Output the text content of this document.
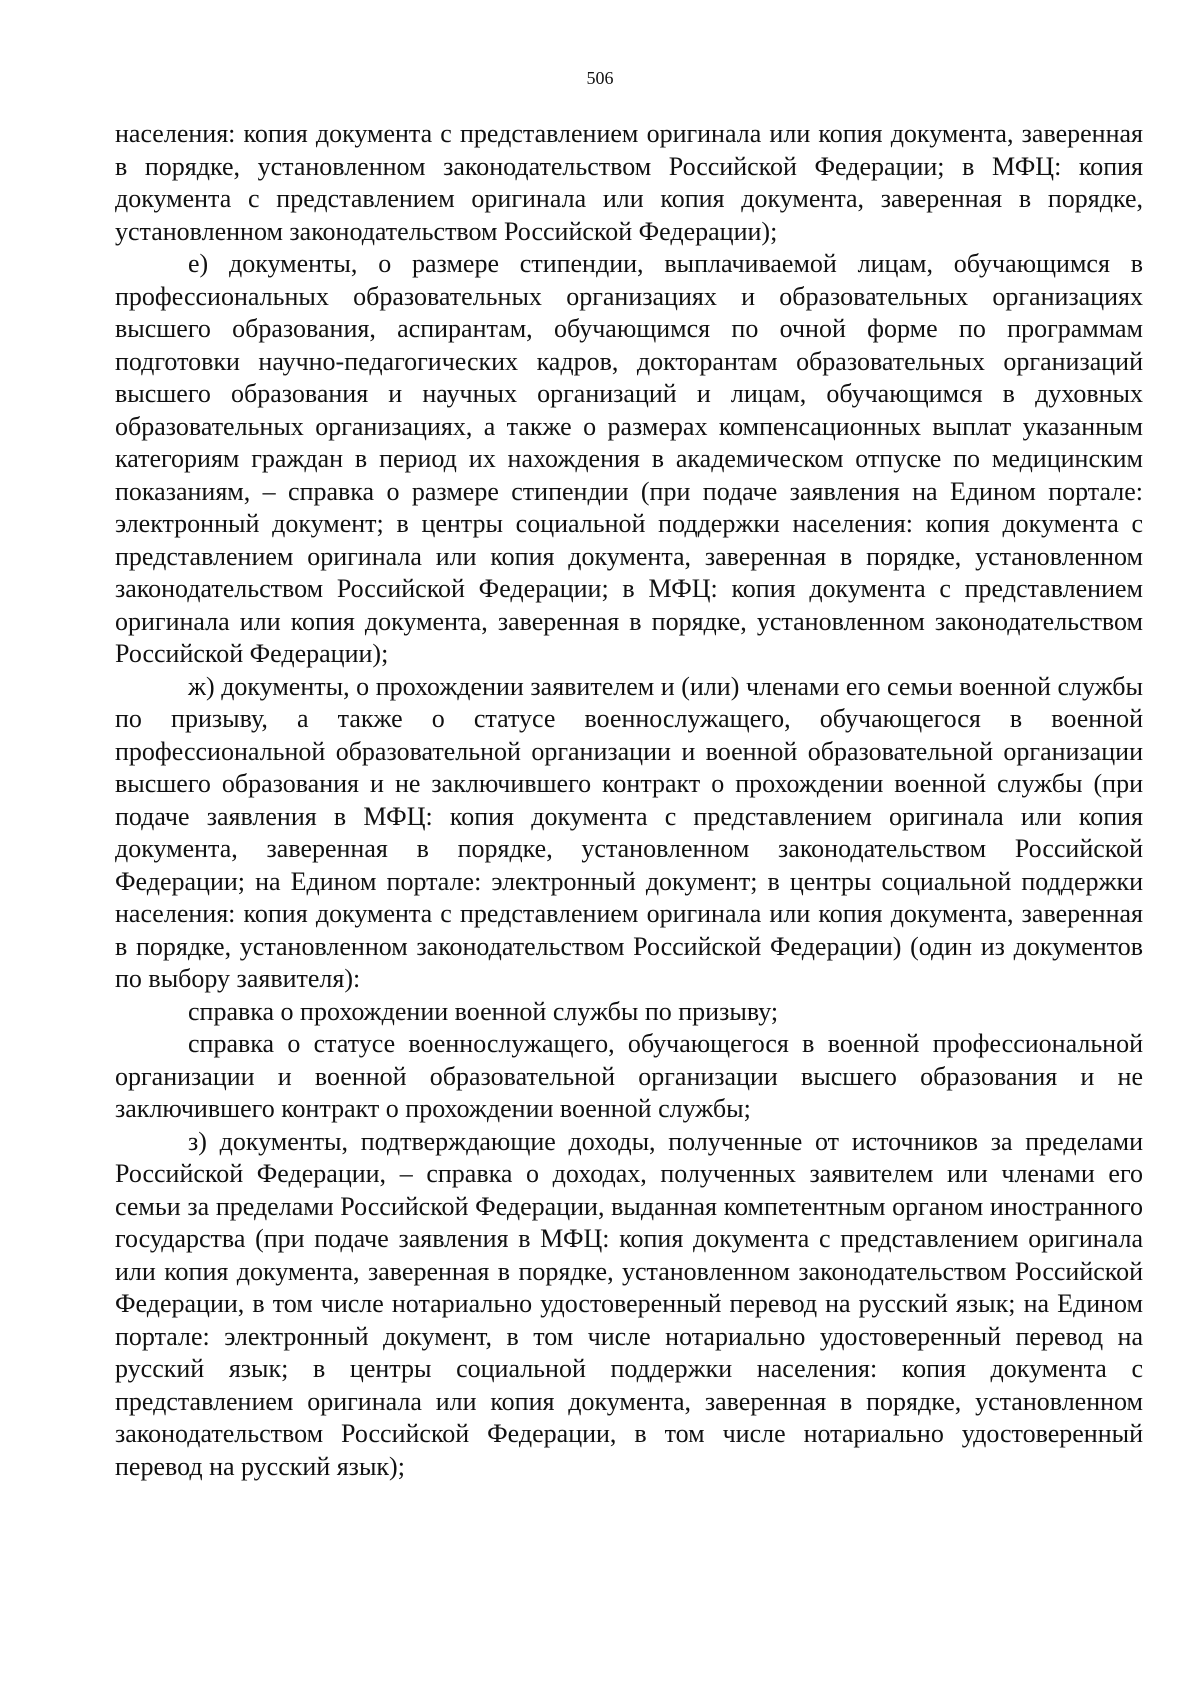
506

населения: копия документа с представлением оригинала или копия документа, заверенная в порядке, установленном законодательством Российской Федерации; в МФЦ: копия документа с представлением оригинала или копия документа, заверенная в порядке, установленном законодательством Российской Федерации);

е) документы, о размере стипендии, выплачиваемой лицам, обучающимся в профессиональных образовательных организациях и образовательных организациях высшего образования, аспирантам, обучающимся по очной форме по программам подготовки научно-педагогических кадров, докторантам образовательных организаций высшего образования и научных организаций и лицам, обучающимся в духовных образовательных организациях, а также о размерах компенсационных выплат указанным категориям граждан в период их нахождения в академическом отпуске по медицинским показаниям, – справка о размере стипендии (при подаче заявления на Едином портале: электронный документ; в центры социальной поддержки населения: копия документа с представлением оригинала или копия документа, заверенная в порядке, установленном законодательством Российской Федерации; в МФЦ: копия документа с представлением оригинала или копия документа, заверенная в порядке, установленном законодательством Российской Федерации);

ж) документы, о прохождении заявителем и (или) членами его семьи военной службы по призыву, а также о статусе военнослужащего, обучающегося в военной профессиональной образовательной организации и военной образовательной организации высшего образования и не заключившего контракт о прохождении военной службы (при подаче заявления в МФЦ: копия документа с представлением оригинала или копия документа, заверенная в порядке, установленном законодательством Российской Федерации; на Едином портале: электронный документ; в центры социальной поддержки населения: копия документа с представлением оригинала или копия документа, заверенная в порядке, установленном законодательством Российской Федерации) (один из документов по выбору заявителя):

справка о прохождении военной службы по призыву;

справка о статусе военнослужащего, обучающегося в военной профессиональной организации и военной образовательной организации высшего образования и не заключившего контракт о прохождении военной службы;

з) документы, подтверждающие доходы, полученные от источников за пределами Российской Федерации, – справка о доходах, полученных заявителем или членами его семьи за пределами Российской Федерации, выданная компетентным органом иностранного государства (при подаче заявления в МФЦ: копия документа с представлением оригинала или копия документа, заверенная в порядке, установленном законодательством Российской Федерации, в том числе нотариально удостоверенный перевод на русский язык; на Едином портале: электронный документ, в том числе нотариально удостоверенный перевод на русский язык; в центры социальной поддержки населения: копия документа с представлением оригинала или копия документа, заверенная в порядке, установленном законодательством Российской Федерации, в том числе нотариально удостоверенный перевод на русский язык);
